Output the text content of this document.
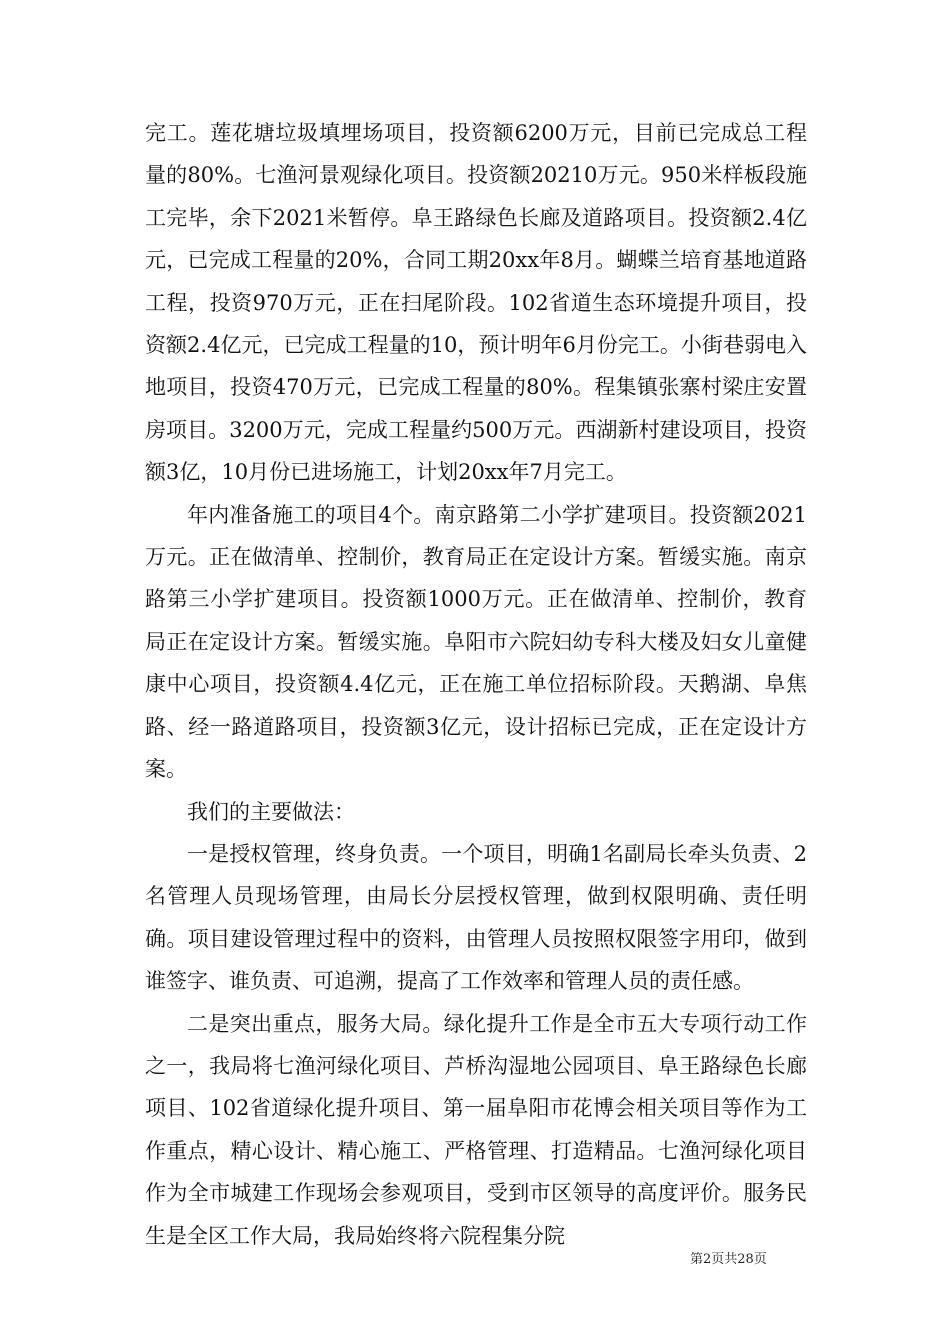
完工。莲花塘垃圾填埋场项目，投资额6200万元，目前已完成总工程量的80%。七渔河景观绿化项目。投资额20210万元。950米样板段施工完毕，余下2021米暂停。阜王路绿色长廊及道路项目。投资额2.4亿元，已完成工程量的20%，合同工期20xx年8月。蝴蝶兰培育基地道路工程，投资970万元，正在扫尾阶段。102省道生态环境提升项目，投资额2.4亿元，已完成工程量的10，预计明年6月份完工。小街巷弱电入地项目，投资470万元，已完成工程量的80%。程集镇张寨村梁庄安置房项目。3200万元，完成工程量约500万元。西湖新村建设项目，投资额3亿，10月份已进场施工，计划20xx年7月完工。

年内准备施工的项目4个。南京路第二小学扩建项目。投资额2021万元。正在做清单、控制价，教育局正在定设计方案。暂缓实施。南京路第三小学扩建项目。投资额1000万元。正在做清单、控制价，教育局正在定设计方案。暂缓实施。阜阳市六院妇幼专科大楼及妇女儿童健康中心项目，投资额4.4亿元，正在施工单位招标阶段。天鹅湖、阜焦路、经一路道路项目，投资额3亿元，设计招标已完成，正在定设计方案。

我们的主要做法：

一是授权管理，终身负责。一个项目，明确1名副局长牵头负责、2名管理人员现场管理，由局长分层授权管理，做到权限明确、责任明确。项目建设管理过程中的资料，由管理人员按照权限签字用印，做到谁签字、谁负责、可追溯，提高了工作效率和管理人员的责任感。

二是突出重点，服务大局。绿化提升工作是全市五大专项行动工作之一，我局将七渔河绿化项目、芦桥沟湿地公园项目、阜王路绿色长廊项目、102省道绿化提升项目、第一届阜阳市花博会相关项目等作为工作重点，精心设计、精心施工、严格管理、打造精品。七渔河绿化项目作为全市城建工作现场会参观项目，受到市区领导的高度评价。服务民生是全区工作大局，我局始终将六院程集分院

第2页共28页
